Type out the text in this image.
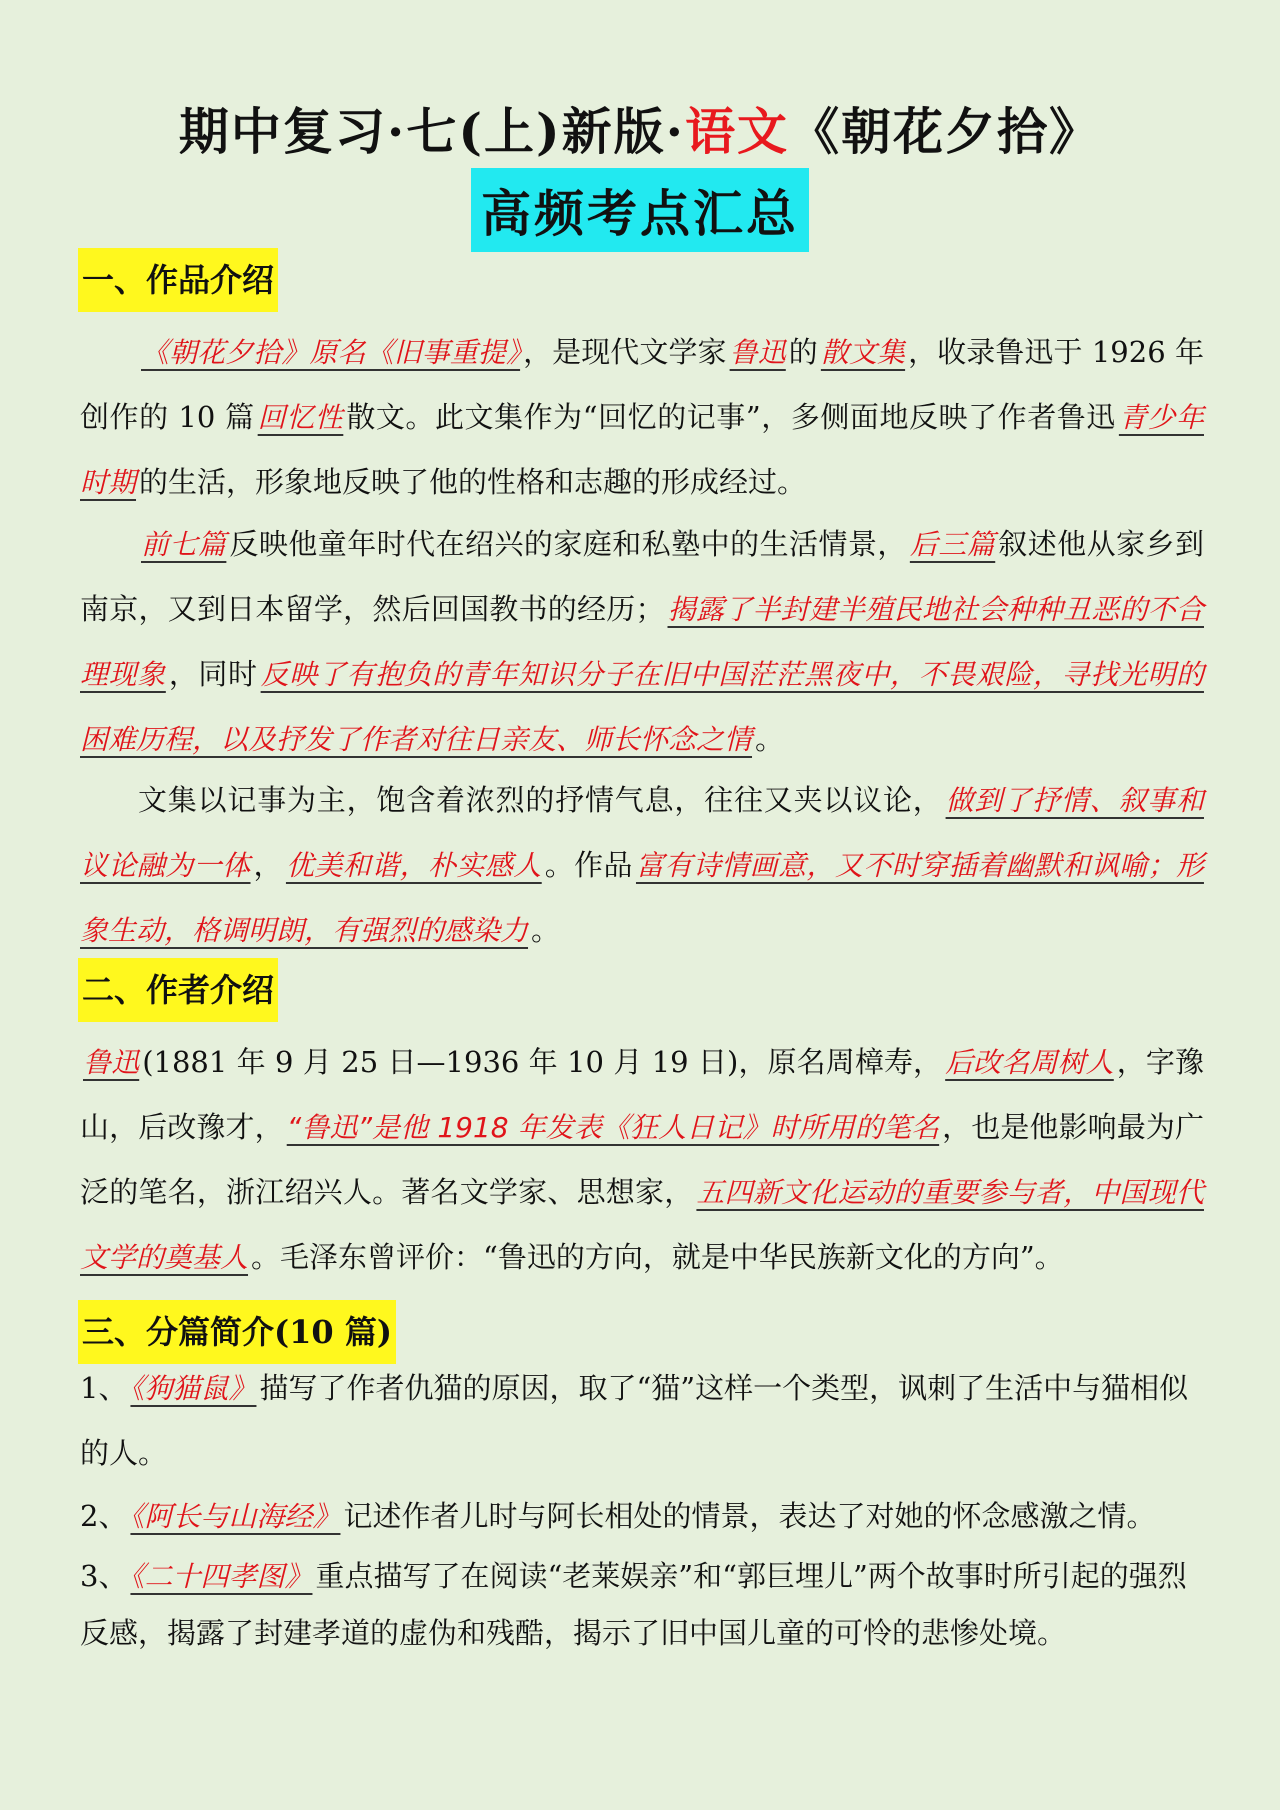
期中复习·七(上)新版·语文《朝花夕拾》
高频考点汇总
一、作品介绍
《朝花夕拾》原名《旧事重提》 ，是现代文学家 鲁迅 的 散文集 ，收录鲁迅于 1926 年创作的 10 篇 回忆性 散文。此文集作为“回忆的记事”，多侧面地反映了作者鲁迅 青少年时期 的生活，形象地反映了他的性格和志趣的形成经过。
前七篇 反映他童年时代在绍兴的家庭和私塾中的生活情景， 后三篇 叙述他从家乡到南京，又到日本留学，然后回国教书的经历； 揭露了半封建半殖民地社会种种丑恶的不合理现象 ，同时 反映了有抱负的青年知识分子在旧中国茫茫黑夜中，不畏艰险，寻找光明的困难历程，以及抒发了作者对往日亲友、师长怀念之情 。
文集以记事为主，饱含着浓烈的抒情气息，往往又夹以议论， 做到了抒情、叙事和议论融为一体 ， 优美和谐，朴实感人 。作品 富有诗情画意，又不时穿插着幽默和讽喻；形象生动，格调明朗，有强烈的感染力 。
二、作者介绍
鲁迅 (1881 年 9 月 25 日—1936 年 10 月 19 日)，原名周樟寿， 后改名周树人 ，字豫山，后改豫才， “鲁迅”是他 1918 年发表《狂人日记》时所用的笔名 ，也是他影响最为广泛的笔名，浙江绍兴人。著名文学家、思想家， 五四新文化运动的重要参与者，中国现代文学的奠基人 。毛泽东曾评价：“鲁迅的方向，就是中华民族新文化的方向”。
三、分篇简介(10 篇)
1、 《狗猫鼠》 描写了作者仇猫的原因，取了“猫”这样一个类型，讽刺了生活中与猫相似的人。
2、 《阿长与山海经》 记述作者儿时与阿长相处的情景，表达了对她的怀念感激之情。
3、 《二十四孝图》 重点描写了在阅读“老莱娱亲”和“郭巨埋儿”两个故事时所引起的强烈反感，揭露了封建孝道的虚伪和残酷，揭示了旧中国儿童的可怜的悲惨处境。
